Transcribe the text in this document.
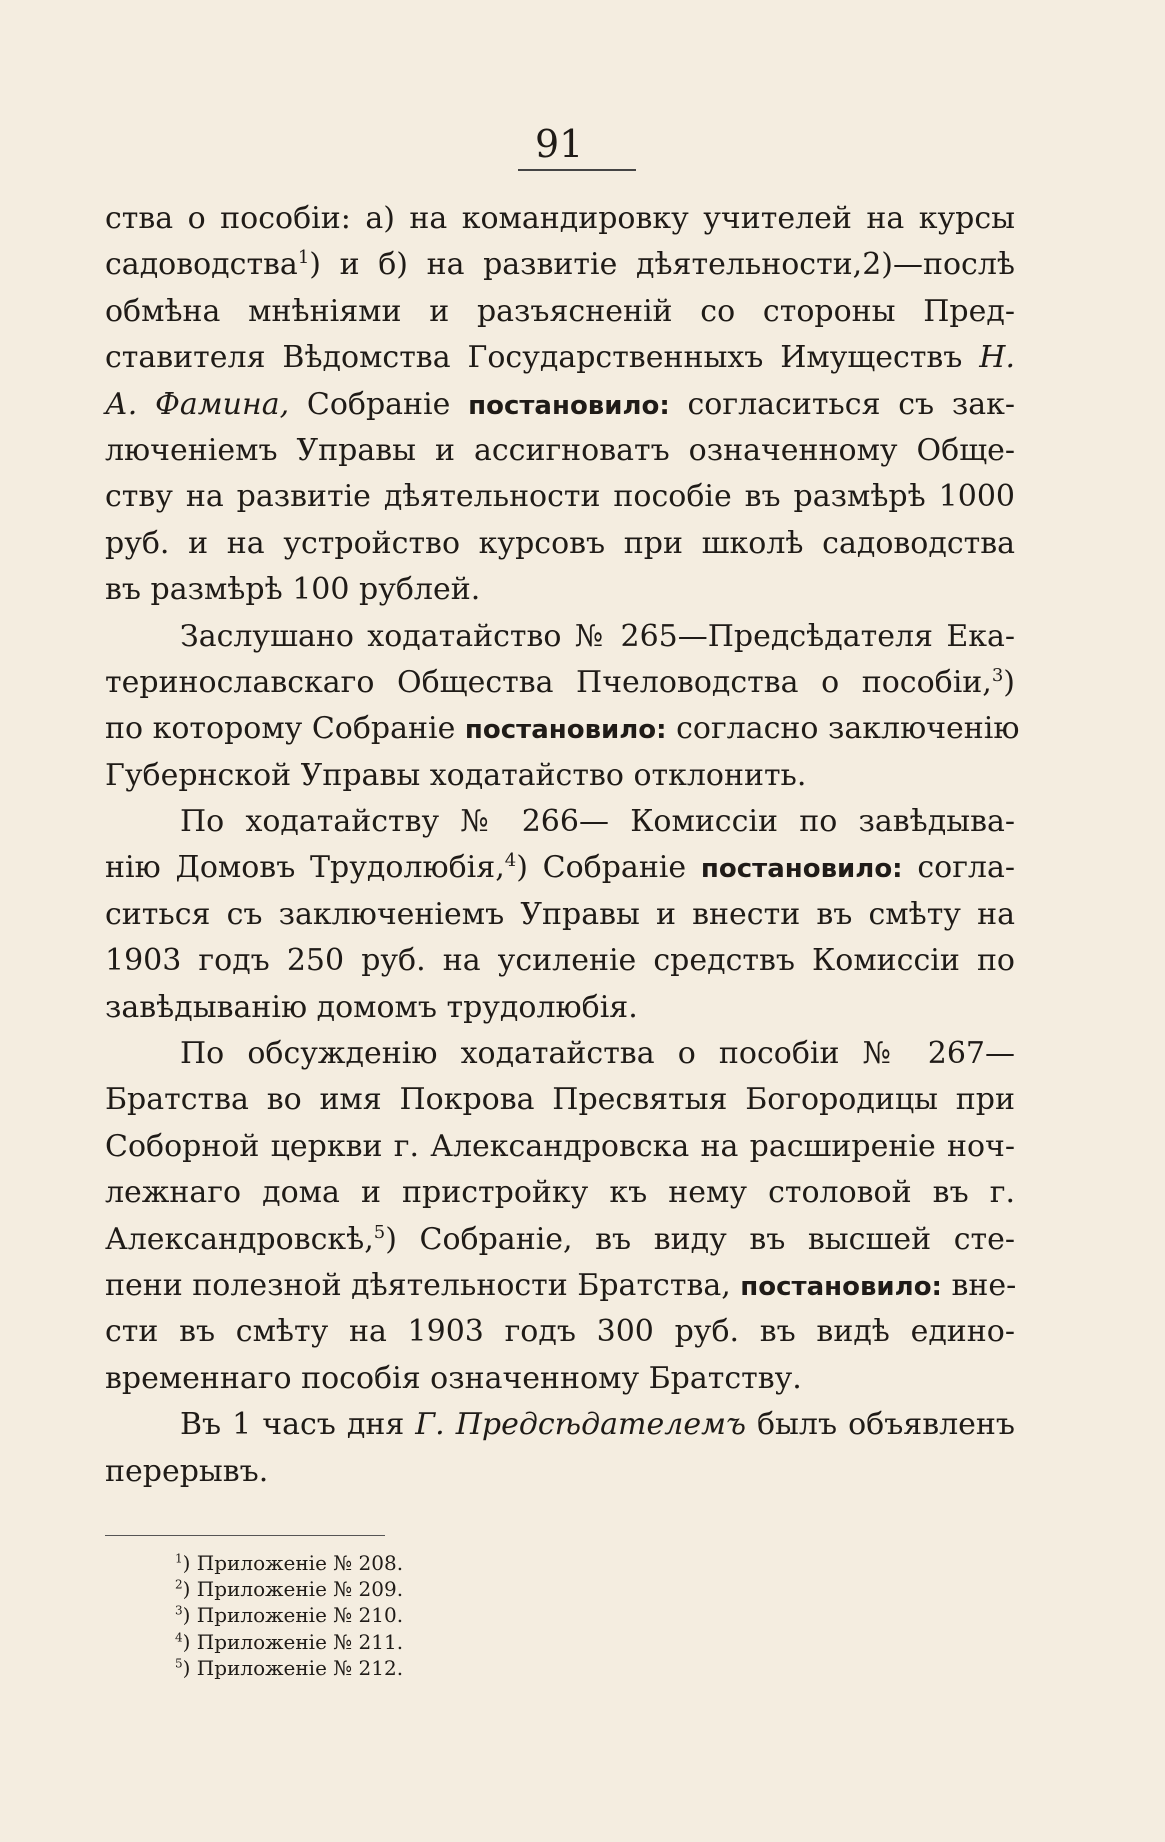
91
ства о пособіи: а) на командировку учителей на курсы
садоводства$^1$) и б) на развитіе дѣятельности,2)—послѣ
обмѣна мнѣніями и разъясненій со стороны Пред-
ставителя Вѣдомства Государственныхъ Имуществъ Н.
А. Фамина, Собраніе постановило: согласиться съ зак-
люченіемъ Управы и ассигноватъ означенному Обще-
ству на развитіе дѣятельности пособіе въ размѣрѣ 1000
руб. и на устройство курсовъ при школѣ садоводства
въ размѣрѣ 100 рублей.
Заслушано ходатайство № 265—Предсѣдателя Ека-
теринославскаго Общества Пчеловодства о пособіи,$^3$)
по которому Собраніе постановило: согласно заключенію
Губернской Управы ходатайство отклонить.
По ходатайству № 266— Комиссіи по завѣдыва-
нію Домовъ Трудолюбія,$^4$) Собраніе постановило: согла-
ситься съ заключеніемъ Управы и внести въ смѣту на
1903 годъ 250 руб. на усиленіе средствъ Комиссіи по
завѣдыванію домомъ трудолюбія.
По обсужденію ходатайства о пособіи № 267—
Братства во имя Покрова Пресвятыя Богородицы при
Соборной церкви г. Александровска на расширеніе ноч-
лежнаго дома и пристройку къ нему столовой въ г.
Александровскѣ,$^5$) Собраніе, въ виду въ высшей сте-
пени полезной дѣятельности Братства, постановило: вне-
сти въ смѣту на 1903 годъ 300 руб. въ видѣ едино-
временнаго пособія означенному Братству.
Въ 1 часъ дня Г. Предсѣдателемъ былъ объявленъ
перерывъ.
$^1$) Приложеніе № 208.
$^2$) Приложеніе № 209.
$^3$) Приложеніе № 210.
$^4$) Приложеніе № 211.
$^5$) Приложеніе № 212.
